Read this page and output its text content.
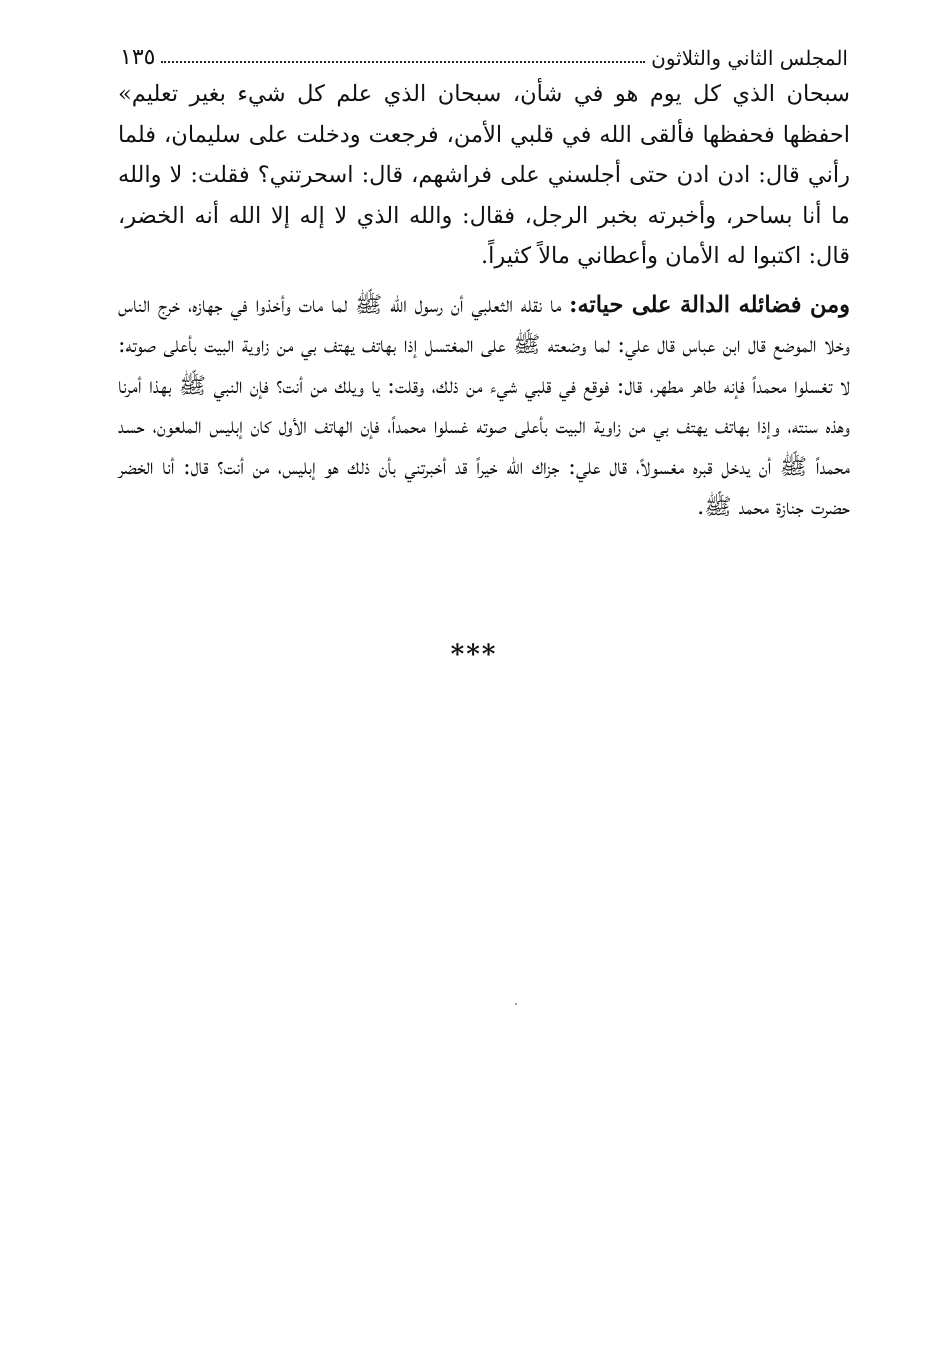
المجلس الثاني والثلاثون
١٣٥

سبحان الذي كل يوم هو في شأن، سبحان الذي علم كل شيء بغير تعليم» احفظها فحفظها فألقى الله في قلبي الأمن، فرجعت ودخلت على سليمان، فلما رأني قال: ادن ادن حتى أجلسني على فراشهم، قال: اسحرتني؟ فقلت: لا والله ما أنا بساحر، وأخبرته بخبر الرجل، فقال: والله الذي لا إله إلا الله أنه الخضر، قال: اكتبوا له الأمان وأعطاني مالاً كثيراً.

ومن فضائله الدالة على حياته: ما نقله الثعلبي أن رسول الله ﷺ لما مات وأخذوا في جهازه، خرج الناس وخلا الموضع قال ابن عباس قال علي: لما وضعته ﷺ على المغتسل إذا بهاتف يهتف بي من زاوية البيت بأعلى صوته: لا تغسلوا محمداً فإنه طاهر مطهر، قال: فوقع في قلبي شيء من ذلك، وقلت: يا ويلك من أنت؟ فإن النبي ﷺ بهذا أمرنا وهذه سنته، وإذا بهاتف يهتف بي من زاوية البيت بأعلى صوته غسلوا محمداً، فإن الهاتف الأول كان إبليس الملعون، حسد محمداً ﷺ أن يدخل قبره مغسولاً، قال علي: جزاك الله خيراً قد أخبرتني بأن ذلك هو إبليس، من أنت؟ قال: أنا الخضر حضرت جنازة محمد ﷺ.

***
